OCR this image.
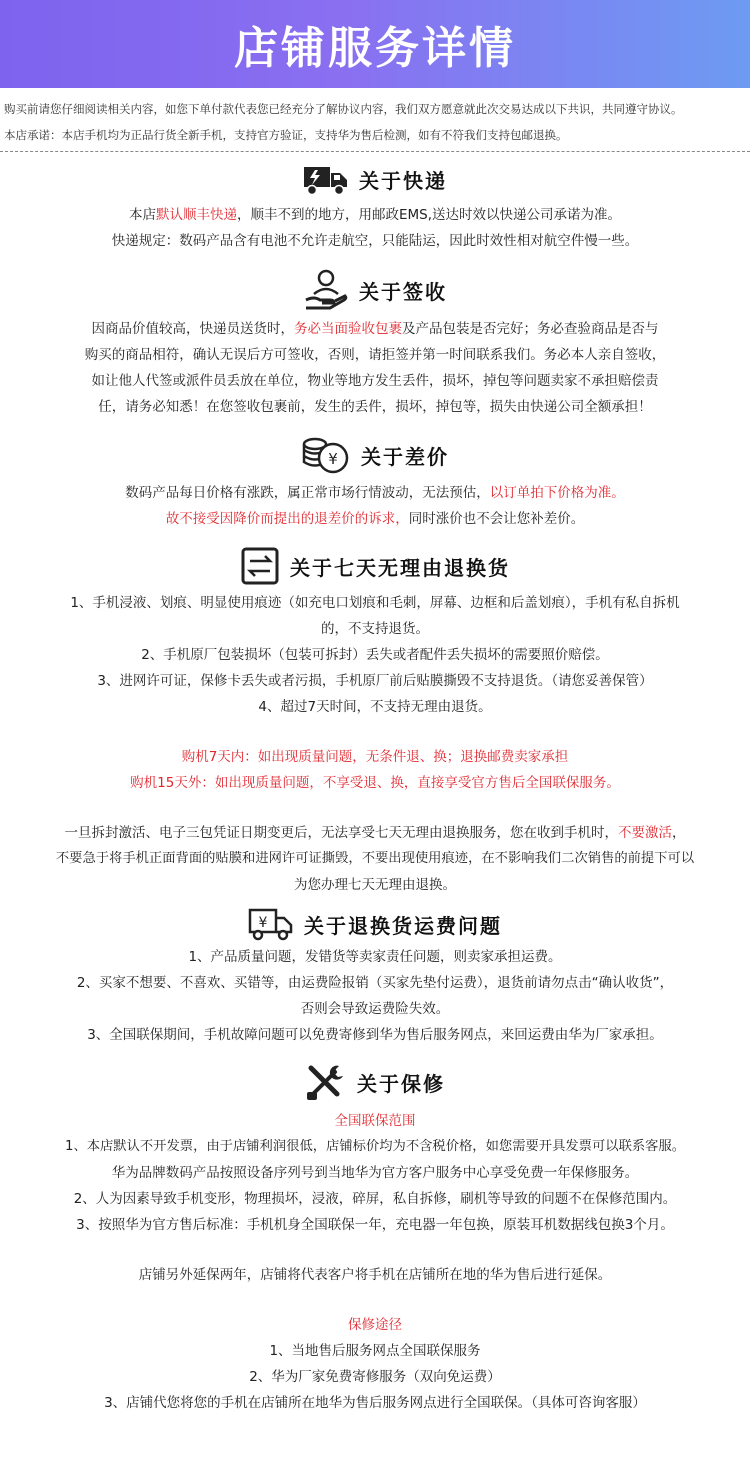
店铺服务详情
购买前请您仔细阅读相关内容，如您下单付款代表您已经充分了解协议内容，我们双方愿意就此次交易达成以下共识，共同遵守协议。
本店承诺：本店手机均为正品行货全新手机，支持官方验证，支持华为售后检测，如有不符我们支持包邮退换。
关于快递
本店默认顺丰快递，顺丰不到的地方，用邮政EMS,送达时效以快递公司承诺为准。
快递规定：数码产品含有电池不允许走航空，只能陆运，因此时效性相对航空件慢一些。
关于签收
因商品价值较高，快递员送货时，务必当面验收包裹及产品包装是否完好；务必查验商品是否与
购买的商品相符，确认无误后方可签收，否则，请拒签并第一时间联系我们。务必本人亲自签收，
如让他人代签或派件员丢放在单位，物业等地方发生丢件，损坏，掉包等问题卖家不承担赔偿责
任，请务必知悉！在您签收包裹前，发生的丢件，损坏，掉包等，损失由快递公司全额承担！
¥ 关于差价
数码产品每日价格有涨跌，属正常市场行情波动，无法预估，以订单拍下价格为准。
故不接受因降价而提出的退差价的诉求，同时涨价也不会让您补差价。
关于七天无理由退换货
1、手机浸液、划痕、明显使用痕迹（如充电口划痕和毛刺，屏幕、边框和后盖划痕），手机有私自拆机
的，不支持退货。
2、手机原厂包装损坏（包装可拆封）丢失或者配件丢失损坏的需要照价赔偿。
3、进网许可证，保修卡丢失或者污损，手机原厂前后贴膜撕毁不支持退货。（请您妥善保管）
4、超过7天时间，不支持无理由退货。
购机7天内：如出现质量问题，无条件退、换；退换邮费卖家承担
购机15天外：如出现质量问题，不享受退、换，直接享受官方售后全国联保服务。
一旦拆封激活、电子三包凭证日期变更后，无法享受七天无理由退换服务，您在收到手机时，不要激活，
不要急于将手机正面背面的贴膜和进网许可证撕毁，不要出现使用痕迹，在不影响我们二次销售的前提下可以
为您办理七天无理由退换。
¥ 关于退换货运费问题
1、产品质量问题，发错货等卖家责任问题，则卖家承担运费。
2、买家不想要、不喜欢、买错等，由运费险报销（买家先垫付运费），退货前请勿点击“确认收货”，
否则会导致运费险失效。
3、全国联保期间，手机故障问题可以免费寄修到华为售后服务网点，来回运费由华为厂家承担。
关于保修
全国联保范围
1、本店默认不开发票，由于店铺利润很低，店铺标价均为不含税价格，如您需要开具发票可以联系客服。
华为品牌数码产品按照设备序列号到当地华为官方客户服务中心享受免费一年保修服务。
2、人为因素导致手机变形，物理损坏，浸液，碎屏，私自拆修，刷机等导致的问题不在保修范围内。
3、按照华为官方售后标准：手机机身全国联保一年，充电器一年包换，原装耳机数据线包换3个月。
店铺另外延保两年，店铺将代表客户将手机在店铺所在地的华为售后进行延保。
保修途径
1、当地售后服务网点全国联保服务
2、华为厂家免费寄修服务（双向免运费）
3、店铺代您将您的手机在店铺所在地华为售后服务网点进行全国联保。（具体可咨询客服）
